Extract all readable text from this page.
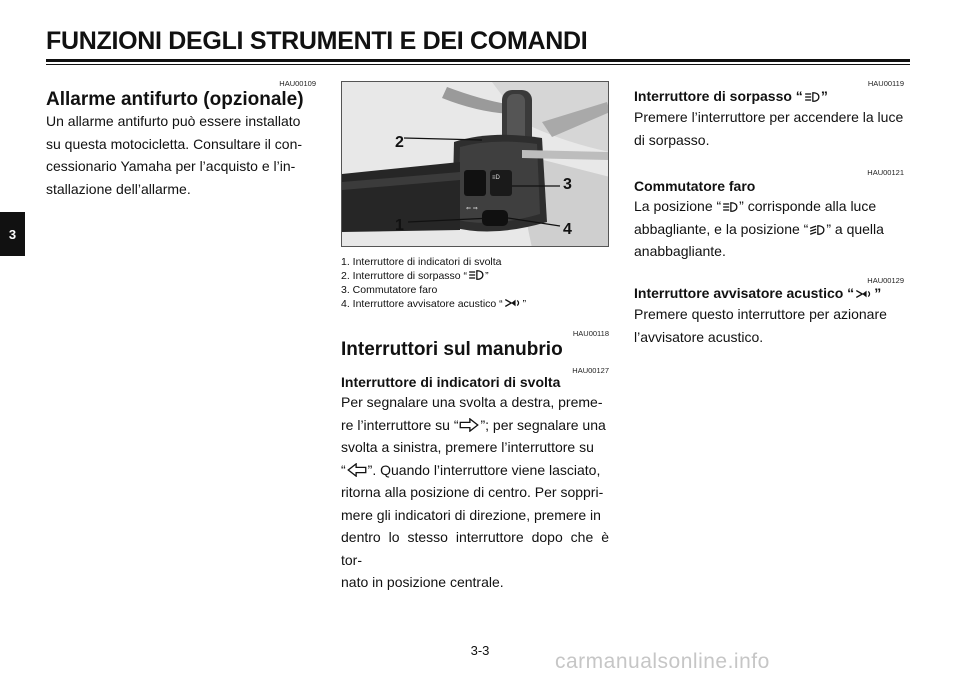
FUNZIONI DEGLI STRUMENTI E DEI COMANDI
3
HAU00109
Allarme antifurto (opzionale)
Un allarme antifurto può essere installato
su questa motocicletta. Consultare il con-
cessionario Yamaha per l’acquisto e l’in-
stallazione dell’allarme.
≡D
⇐ ⇒
2
1
3
4
1. Interruttore di indicatori di svolta
2. Interruttore di sorpasso “ ”
3. Commutatore faro
4. Interruttore avvisatore acustico “ ”
HAU00118
Interruttori sul manubrio
HAU00127
Interruttore di indicatori di svolta
Per segnalare una svolta a destra, preme-
re l’interruttore su “ ”; per segnalare una
svolta a sinistra, premere l’interruttore su
“ ”. Quando l’interruttore viene lasciato,
ritorna alla posizione di centro. Per soppri-
mere gli indicatori di direzione, premere in
dentro lo stesso interruttore dopo che è tor-
nato in posizione centrale.
HAU00119
Interruttore di sorpasso “ ”
Premere l’interruttore per accendere la luce
di sorpasso.
HAU00121
Commutatore faro
La posizione “ ” corrisponde alla luce
abbagliante, e la posizione “ ” a quella
anabbagliante.
HAU00129
Interruttore avvisatore acustico “ ”
Premere questo interruttore per azionare
l’avvisatore acustico.
3-3	carmanualsonline.info
